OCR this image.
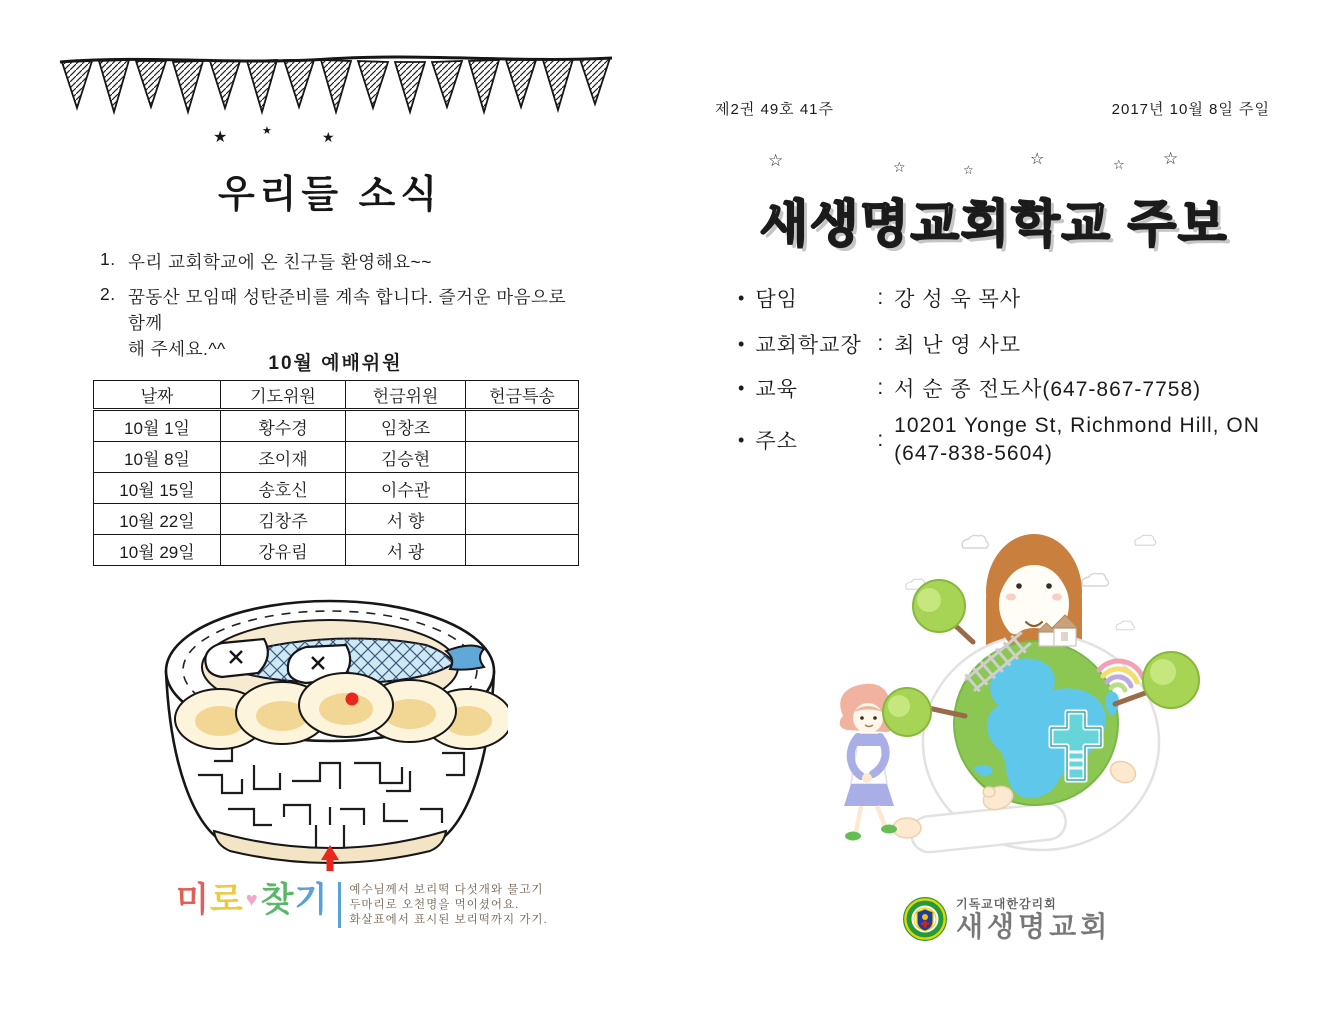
우리들 소식
★	★	★
1. 우리 교회학교에 온 친구들 환영해요~~
2. 꿈동산 모임때 성탄준비를 계속 합니다. 즐거운 마음으로 함께
해 주세요.^^
10월 예배위원
날짜	기도위원	헌금위원	헌금특송
10월 1일	황수경	임창조	
10월 8일	조이재	김승현	
10월 15일	송호신	이수관	
10월 22일	김창주	서 향	
10월 29일	강유림	서 광	
미 로 ♥ 찾 기 예수님께서 보리떡 다섯개와 물고기
두마리로 오천명을 먹이셨어요.
화살표에서 표시된 보리떡까지 가기.
제2권 49호 41주	2017년 10월 8일 주일
새생명교회학교 주보
☆	☆	☆
☆	☆ ☆
• 담임	: 강 성 욱 목사
• 교회학교장 : 최 난 영 사모
• 교육	: 서 순 종 전도사(647-867-7758)
• 주소	:
10201 Yonge St, Richmond Hill, ON
(647-838-5604)
기독교대한감리회
새생명교회
